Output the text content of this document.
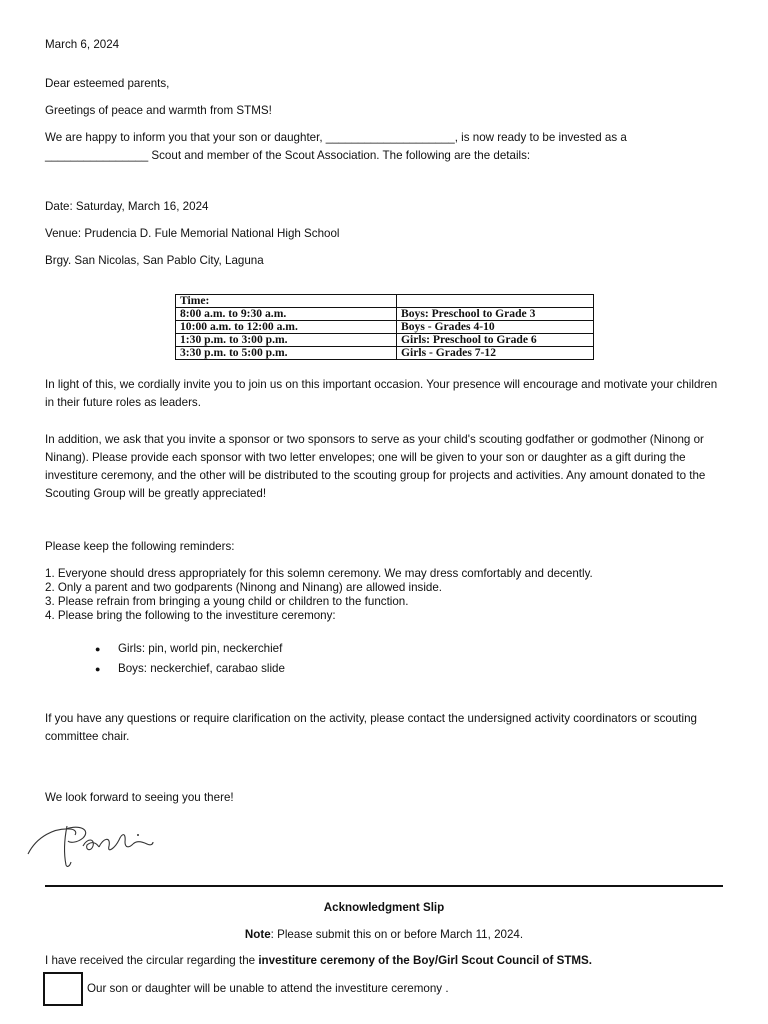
March 6, 2024
Dear esteemed parents,
Greetings of peace and warmth from STMS!
We are happy to inform you that your son or daughter, ____________________, is now ready to be invested as a
________________ Scout and member of the Scout Association. The following are the details:
Date: Saturday, March 16, 2024
Venue: Prudencia D. Fule Memorial National High School
Brgy. San Nicolas, San Pablo City, Laguna
Time:	
8:00 a.m. to 9:30 a.m.	Boys: Preschool to Grade 3
10:00 a.m. to 12:00 a.m.	Boys - Grades 4-10
1:30 p.m. to 3:00 p.m.	Girls: Preschool to Grade 6
3:30 p.m. to 5:00 p.m.	Girls - Grades 7-12
In light of this, we cordially invite you to join us on this important occasion. Your presence will encourage and motivate your children in their future roles as leaders.
In addition, we ask that you invite a sponsor or two sponsors to serve as your child's scouting godfather or godmother (Ninong or Ninang). Please provide each sponsor with two letter envelopes; one will be given to your son or daughter as a gift during the investiture ceremony, and the other will be distributed to the scouting group for projects and activities. Any amount donated to the Scouting Group will be greatly appreciated!
Please keep the following reminders:
1. Everyone should dress appropriately for this solemn ceremony. We may dress comfortably and decently.
2. Only a parent and two godparents (Ninong and Ninang) are allowed inside.
3. Please refrain from bringing a young child or children to the function.
4. Please bring the following to the investiture ceremony:
● Girls: pin, world pin, neckerchief
● Boys: neckerchief, carabao slide
If you have any questions or require clarification on the activity, please contact the undersigned activity coordinators or scouting committee chair.
We look forward to seeing you there!
Acknowledgment Slip
Note: Please submit this on or before March 11, 2024.
I have received the circular regarding the investiture ceremony of the Boy/Girl Scout Council of STMS.
Our son or daughter will be unable to attend the investiture ceremony .
